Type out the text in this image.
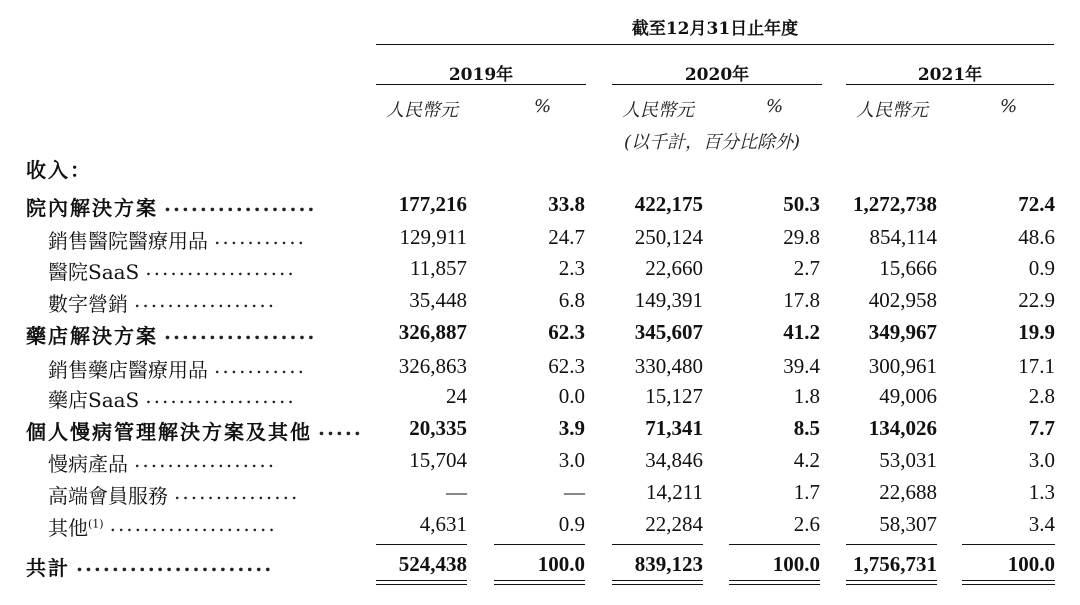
截至12月31日止年度
2019年	2020年	2021年
人民幣元	%	人民幣元	%	人民幣元	%
(以千計，百分比除外)
收入：
院內解決方案 .................	177,216	33.8	422,175	50.3	1,272,738	72.4
銷售醫院醫療用品 ...........	129,911	24.7	250,124	29.8	854,114	48.6
醫院SaaS ..................	11,857	2.3	22,660	2.7	15,666	0.9
數字營銷 .................	35,448	6.8	149,391	17.8	402,958	22.9
藥店解決方案 .................	326,887	62.3	345,607	41.2	349,967	19.9
銷售藥店醫療用品 ...........	326,863	62.3	330,480	39.4	300,961	17.1
藥店SaaS ..................	24	0.0	15,127	1.8	49,006	2.8
個人慢病管理解決方案及其他 .....	20,335	3.9	71,341	8.5	134,026	7.7
慢病產品 .................	15,704	3.0	34,846	4.2	53,031	3.0
高端會員服務 ...............	—	—	14,211	1.7	22,688	1.3
其他$^{(1)}$ ....................	4,631	0.9	22,284	2.6	58,307	3.4
共計 ......................	524,438	100.0	839,123	100.0	1,756,731	100.0
